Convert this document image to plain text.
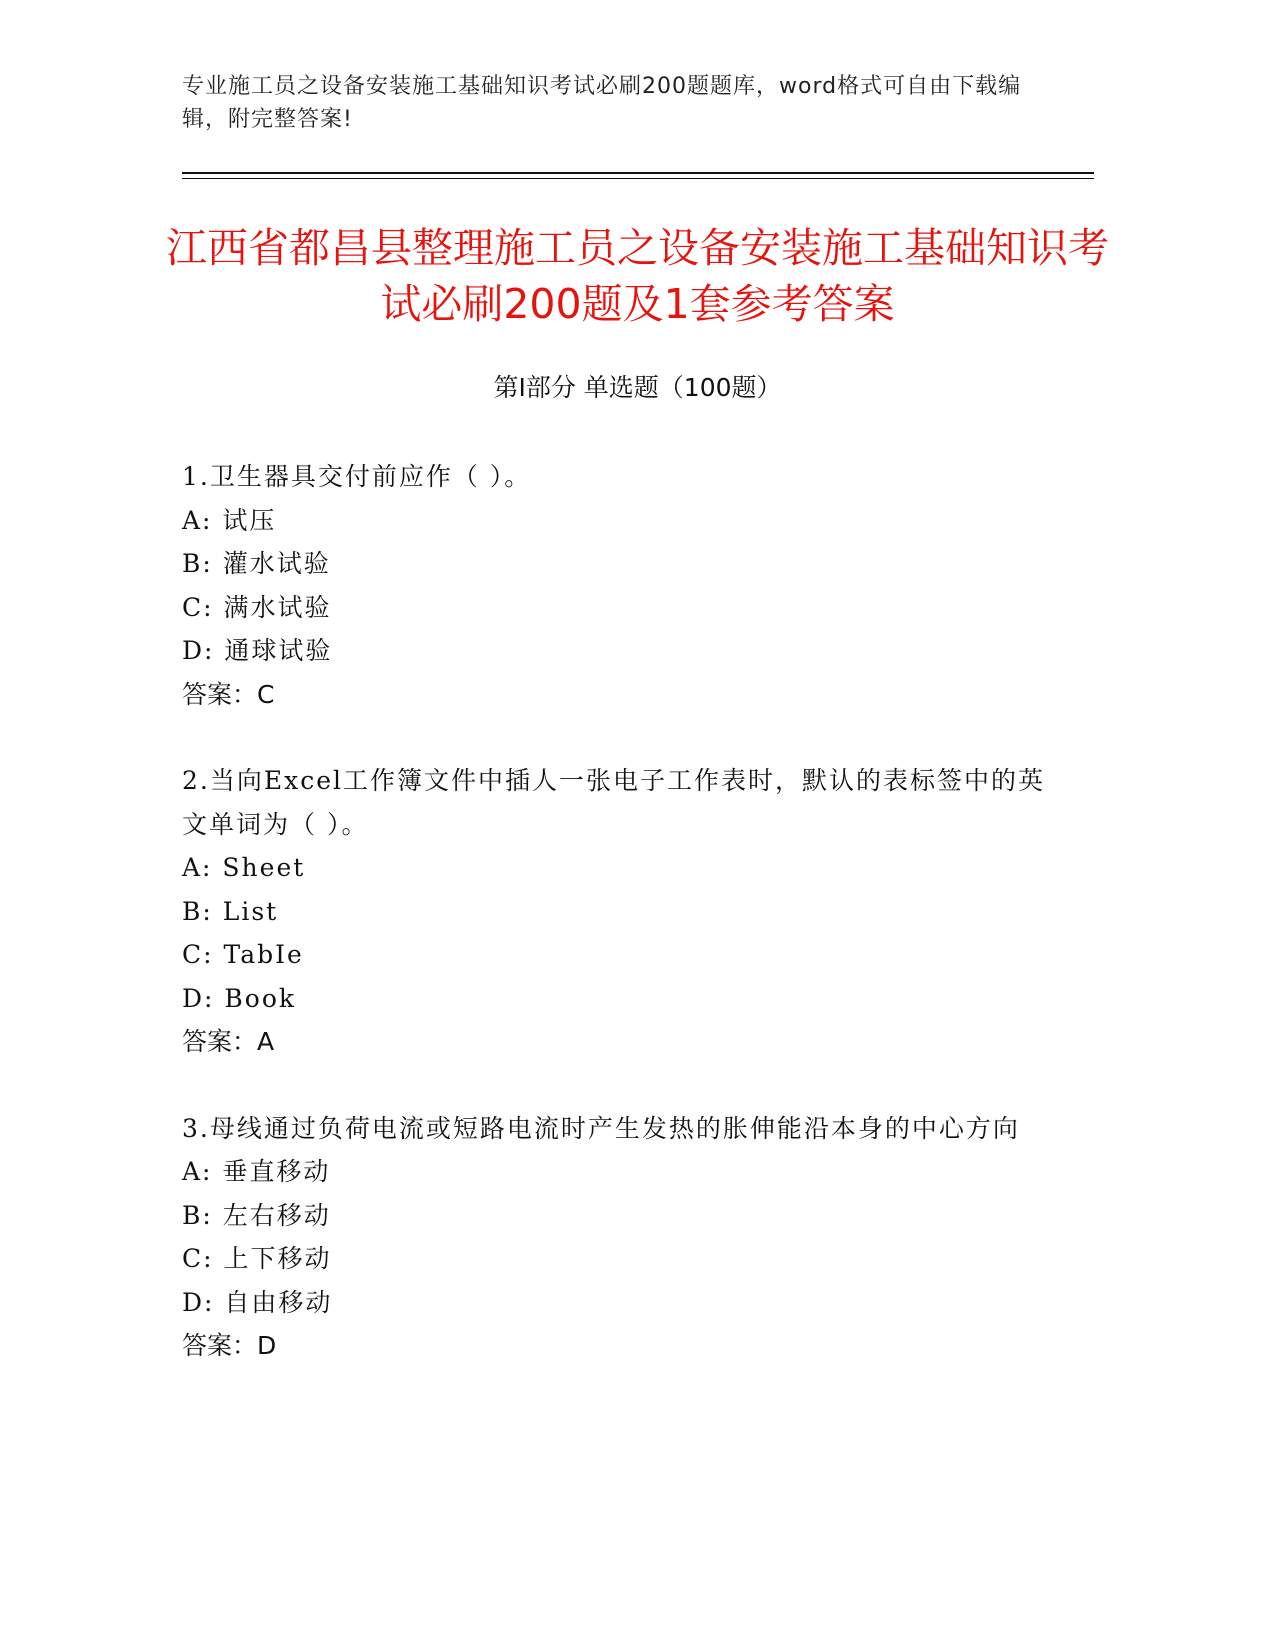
专业施工员之设备安装施工基础知识考试必刷200题题库，word格式可自由下载编辑，附完整答案!
江西省都昌县整理施工员之设备安装施工基础知识考试必刷200题及1套参考答案
第Ⅰ部分 单选题（100题）
1.卫生器具交付前应作（ ）。
A: 试压
B: 灌水试验
C: 满水试验
D: 通球试验
答案：C
2.当向Excel工作簿文件中插人一张电子工作表时，默认的表标签中的英文单词为（ ）。
A: Sheet
B: List
C: TabIe
D: Book
答案：A
3.母线通过负荷电流或短路电流时产生发热的胀伸能沿本身的中心方向
A: 垂直移动
B: 左右移动
C: 上下移动
D: 自由移动
答案：D
